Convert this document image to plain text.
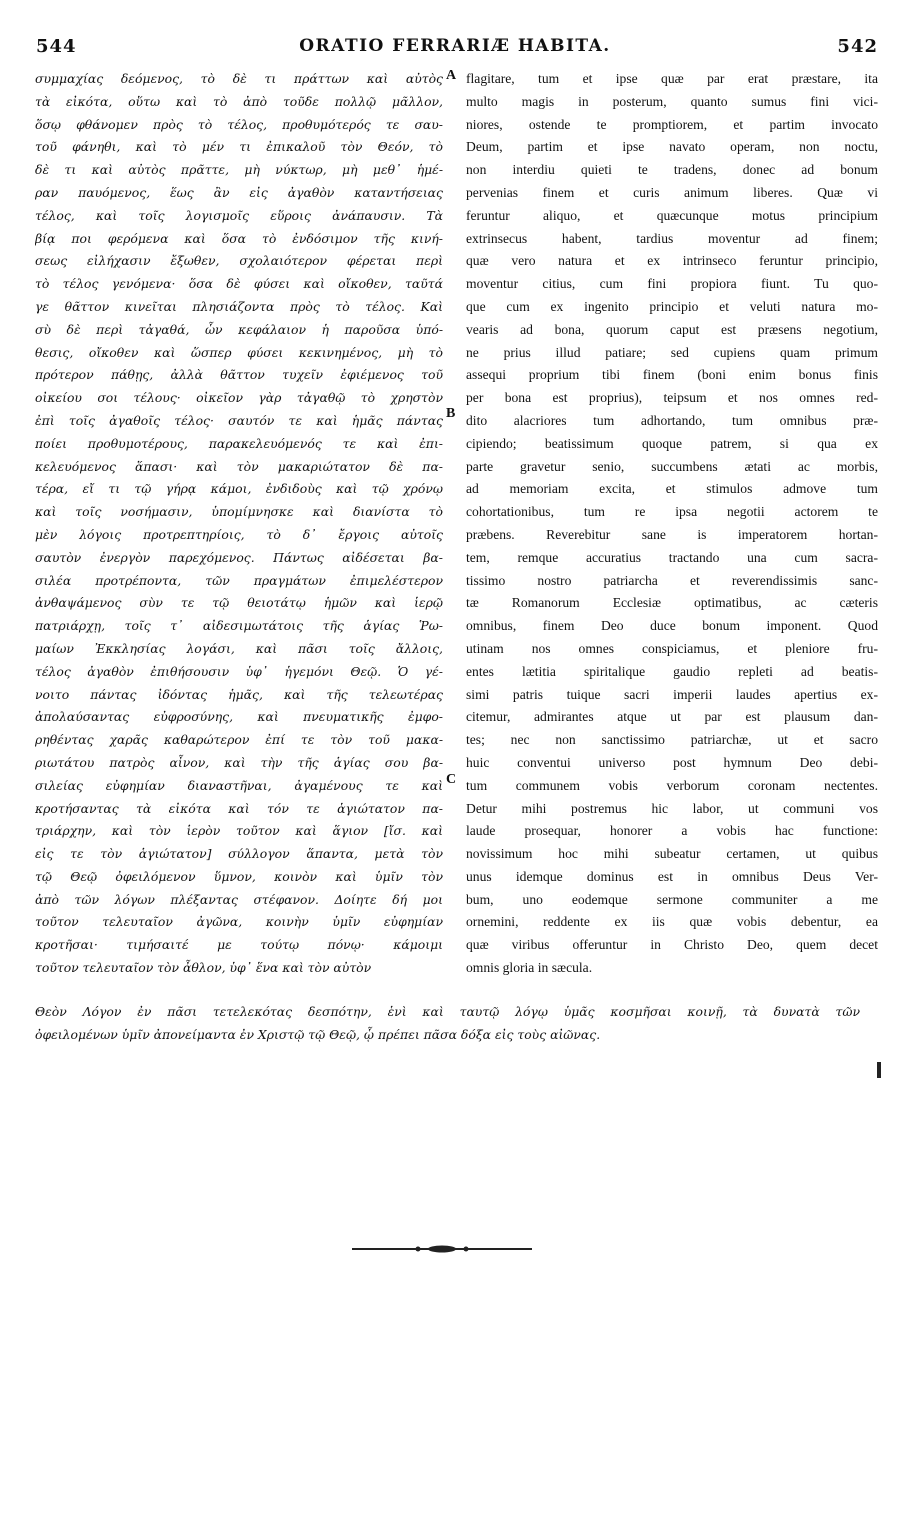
544	ORATIO FERRARIÆ HABITA.	542
συμμαχίας δεόμενος, τὸ δὲ τι πράττων καὶ αὐτὸς
τὰ εἰκότα, οὕτω καὶ τὸ ἀπὸ τοῦδε πολλῷ μᾶλλον,
ὅσῳ φθάνομεν πρὸς τὸ τέλος, προθυμότερός τε σαυ-
τοῦ φάνηθι, καὶ τὸ μέν τι ἐπικαλοῦ τὸν Θεόν, τὸ
δὲ τι καὶ αὐτὸς πρᾶττε, μὴ νύκτωρ, μὴ μεθ᾽ ἡμέ-
ραν παυόμενος, ἕως ἂν εἰς ἀγαθὸν καταντήσειας
τέλος, καὶ τοῖς λογισμοῖς εὕροις ἀνάπαυσιν. Τὰ
βίᾳ ποι φερόμενα καὶ ὅσα τὸ ἐνδόσιμον τῆς κινή-
σεως εἰλήχασιν ἔξωθεν, σχολαιότερον φέρεται περὶ
τὸ τέλος γενόμενα· ὅσα δὲ φύσει καὶ οἴκοθεν, ταῦτά
γε θᾶττον κινεῖται πλησιάζοντα πρὸς τὸ τέλος. Καὶ
σὺ δὲ περὶ τἀγαθά, ὧν κεφάλαιον ἡ παροῦσα ὑπό-
θεσις, οἴκοθεν καὶ ὥσπερ φύσει κεκινημένος, μὴ τὸ
πρότερον πάθῃς, ἀλλὰ θᾶττον τυχεῖν ἐφιέμενος τοῦ
οἰκείου σοι τέλους· οἰκεῖον γὰρ τἀγαθῷ τὸ χρηστὸν
ἐπὶ τοῖς ἀγαθοῖς τέλος· σαυτόν τε καὶ ἡμᾶς πάντας
ποίει προθυμοτέρους, παρακελευόμενός τε καὶ ἐπι-
κελευόμενος ἅπασι· καὶ τὸν μακαριώτατον δὲ πα-
τέρα, εἴ τι τῷ γήρᾳ κάμοι, ἐνδιδοὺς καὶ τῷ χρόνῳ
καὶ τοῖς νοσήμασιν, ὑπομίμνησκε καὶ διανίστα τὸ
μὲν λόγοις προτρεπτηρίοις, τὸ δ᾽ ἔργοις αὐτοῖς
σαυτὸν ἐνεργὸν παρεχόμενος. Πάντως αἰδέσεται βα-
σιλέα προτρέποντα, τῶν πραγμάτων ἐπιμελέστερον
ἀνθαψάμενος σὺν τε τῷ θειοτάτῳ ἡμῶν καὶ ἱερῷ
πατριάρχῃ, τοῖς τ᾽ αἰδεσιμωτάτοις τῆς ἁγίας Ῥω-
μαίων Ἐκκλησίας λογάσι, καὶ πᾶσι τοῖς ἄλλοις,
τέλος ἀγαθὸν ἐπιθήσουσιν ὑφ᾽ ἡγεμόνι Θεῷ. Ὁ γέ-
νοιτο πάντας ἰδόντας ἡμᾶς, καὶ τῆς τελεωτέρας
ἀπολαύσαντας εὐφροσύνης, καὶ πνευματικῆς ἐμφο-
ρηθέντας χαρᾶς καθαρώτερον ἐπί τε τὸν τοῦ μακα-
ριωτάτου πατρὸς αἶνον, καὶ τὴν τῆς ἁγίας σου βα-
σιλείας εὐφημίαν διαναστῆναι, ἀγαμένους τε καὶ
κροτήσαντας τὰ εἰκότα καὶ τόν τε ἁγιώτατον πα-
τριάρχην, καὶ τὸν ἱερὸν τοῦτον καὶ ἅγιον [ἴσ. καὶ
εἰς τε τὸν ἁγιώτατον] σύλλογον ἅπαντα, μετὰ τὸν
τῷ Θεῷ ὀφειλόμενον ὕμνον, κοινὸν καὶ ὑμῖν τὸν
ἀπὸ τῶν λόγων πλέξαντας στέφανον. Δοίητε δή μοι
τοῦτον τελευταῖον ἀγῶνα, κοινὴν ὑμῖν εὐφημίαν
κροτῆσαι· τιμήσαιτέ με τούτῳ πόνῳ· κάμοιμι
τοῦτον τελευταῖον τὸν ἆθλον, ὑφ᾽ ἕνα καὶ τὸν αὐτὸν
flagitare, tum et ipse quæ par erat præstare, ita
multo magis in posterum, quanto sumus fini vici-
niores, ostende te promptiorem, et partim invocato
Deum, partim et ipse navato operam, non noctu,
non interdiu quieti te tradens, donec ad bonum
pervenias finem et curis animum liberes. Quæ vi
feruntur aliquo, et quæcunque motus principium
extrinsecus habent, tardius moventur ad finem;
quæ vero natura et ex intrinseco feruntur principio,
moventur citius, cum fini propiora fiunt. Tu quo-
que cum ex ingenito principio et veluti natura mo-
vearis ad bona, quorum caput est præsens negotium,
ne prius illud patiare; sed cupiens quam primum
assequi proprium tibi finem (boni enim bonus finis
per bona est proprius), teipsum et nos omnes red-
dito alacriores tum adhortando, tum omnibus præ-
cipiendo; beatissimum quoque patrem, si qua ex
parte gravetur senio, succumbens ætati ac morbis,
ad memoriam excita, et stimulos admove tum
cohortationibus, tum re ipsa negotii actorem te
præbens. Reverebitur sane is imperatorem hortan-
tem, remque accuratius tractando una cum sacra-
tissimo nostro patriarcha et reverendissimis sanc-
tæ Romanorum Ecclesiæ optimatibus, ac cæteris
omnibus, finem Deo duce bonum imponent. Quod
utinam nos omnes conspiciamus, et pleniore fru-
entes lætitia spiritalique gaudio repleti ad beatis-
simi patris tuique sacri imperii laudes apertius ex-
citemur, admirantes atque ut par est plausum dan-
tes; nec non sanctissimo patriarchæ, ut et sacro
huic conventui universo post hymnum Deo debi-
tum communem vobis verborum coronam nectentes.
Detur mihi postremus hic labor, ut communi vos
laude prosequar, honorer a vobis hac functione:
novissimum hoc mihi subeatur certamen, ut quibus
unus idemque dominus est in omnibus Deus Ver-
bum, uno eodemque sermone communiter a me
ornemini, reddente ex iis quæ vobis debentur, ea
quæ viribus offeruntur in Christo Deo, quem decet
omnis gloria in sæcula.
A
B
C
Θεὸν Λόγον ἐν πᾶσι τετελεκότας δεσπότην, ἑνὶ καὶ ταυτῷ λόγῳ ὑμᾶς κοσμῆσαι κοινῇ, τὰ δυνατὰ τῶν
ὀφειλομένων ὑμῖν ἀπονείμαντα ἐν Χριστῷ τῷ Θεῷ, ᾧ πρέπει πᾶσα δόξα εἰς τοὺς αἰῶνας.
